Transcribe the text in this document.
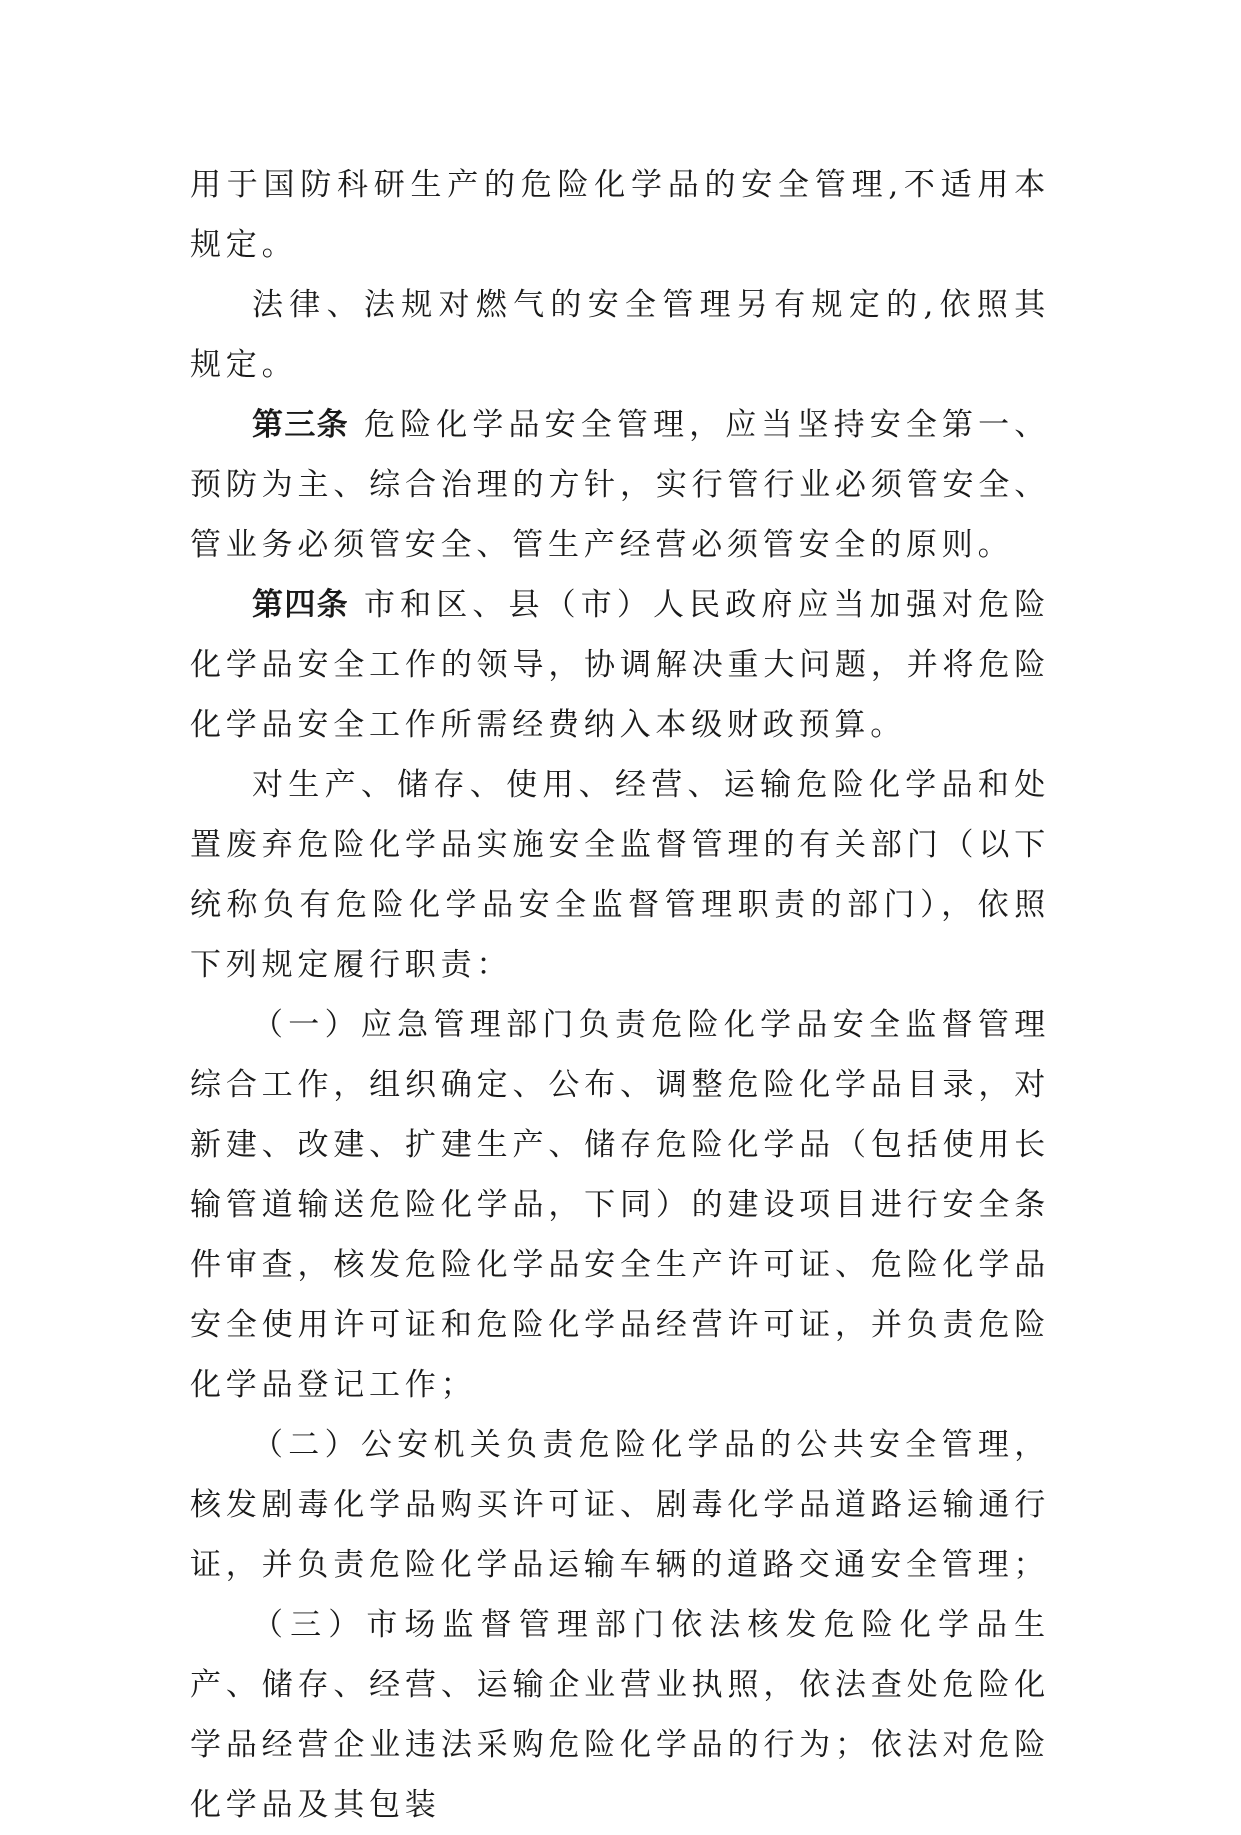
用于国防科研生产的危险化学品的安全管理,不适用本规定。

法律、法规对燃气的安全管理另有规定的,依照其规定。

第三条 危险化学品安全管理，应当坚持安全第一、预防为主、综合治理的方针，实行管行业必须管安全、管业务必须管安全、管生产经营必须管安全的原则。

第四条 市和区、县（市）人民政府应当加强对危险化学品安全工作的领导，协调解决重大问题，并将危险化学品安全工作所需经费纳入本级财政预算。

对生产、储存、使用、经营、运输危险化学品和处置废弃危险化学品实施安全监督管理的有关部门（以下统称负有危险化学品安全监督管理职责的部门），依照下列规定履行职责：

（一）应急管理部门负责危险化学品安全监督管理综合工作，组织确定、公布、调整危险化学品目录，对新建、改建、扩建生产、储存危险化学品（包括使用长输管道输送危险化学品，下同）的建设项目进行安全条件审查，核发危险化学品安全生产许可证、危险化学品安全使用许可证和危险化学品经营许可证，并负责危险化学品登记工作；

（二）公安机关负责危险化学品的公共安全管理，核发剧毒化学品购买许可证、剧毒化学品道路运输通行证，并负责危险化学品运输车辆的道路交通安全管理；

（三）市场监督管理部门依法核发危险化学品生产、储存、经营、运输企业营业执照，依法查处危险化学品经营企业违法采购危险化学品的行为；依法对危险化学品及其包装
